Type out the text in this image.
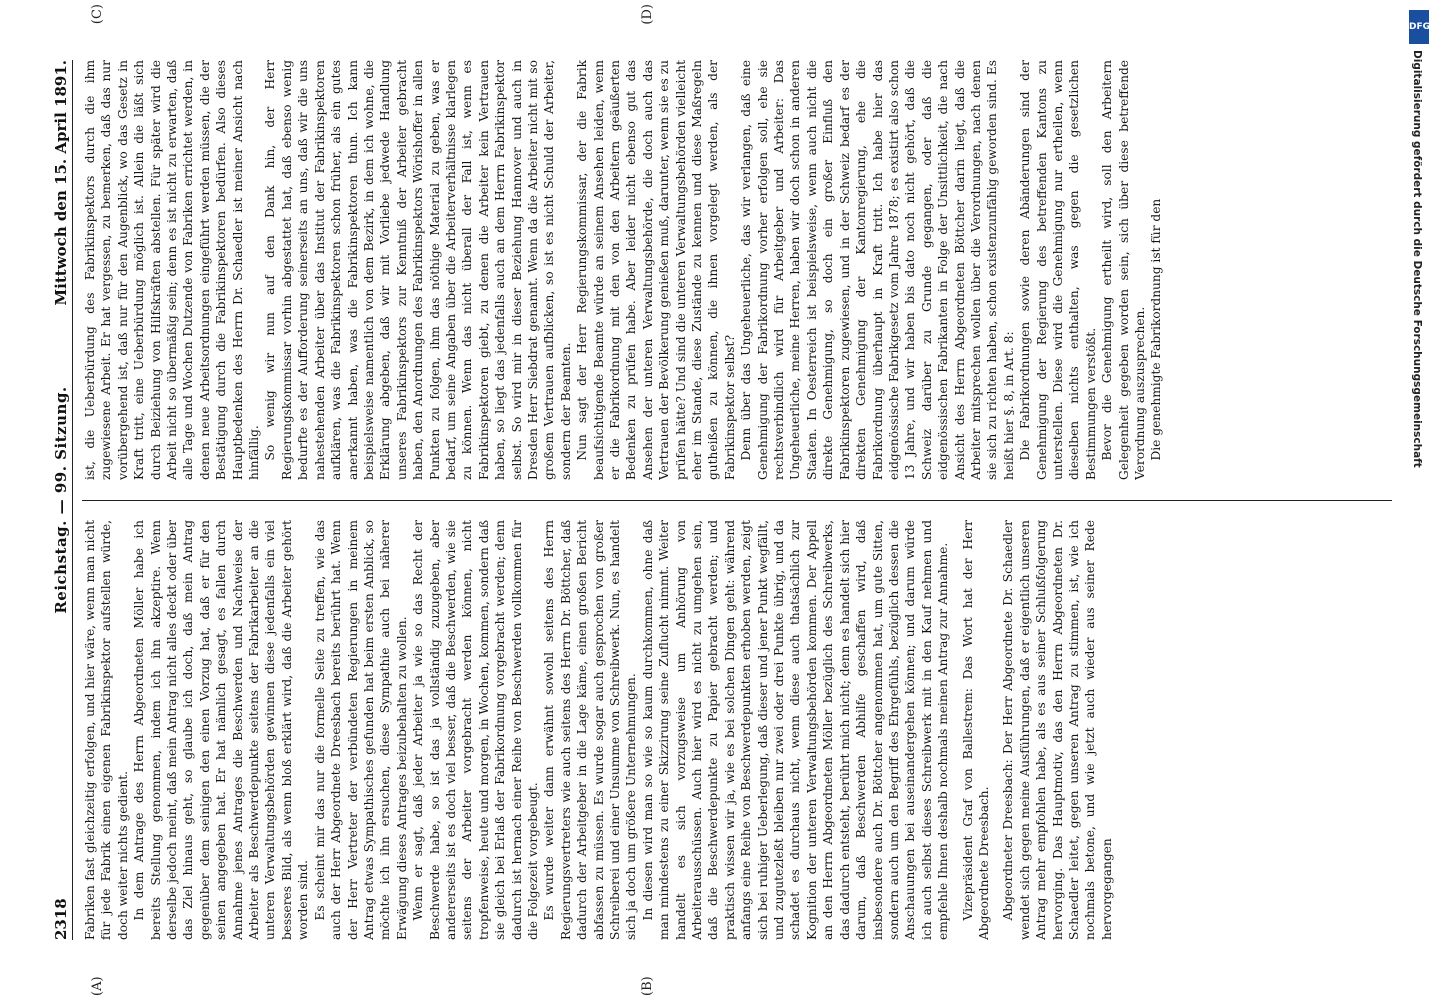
2318
Reichstag. — 99. Sitzung.
Mittwoch den 15. April 1891.
(A)	(B)
(C)	(D)

Fabriken fast gleichzeitig erfolgen, und hier wäre, wenn man nicht für jede Fabrik einen eigenen Fabrikinspektor aufstellen würde, doch weiter nichts gedient. In dem Antrage des Herrn Abgeordneten Möller habe ich bereits Stellung genommen, indem ich ihn akzeptire. Wenn derselbe jedoch meint, daß mein Antrag nicht alles deckt oder über das Ziel hinaus geht, so glaube ich doch, daß mein Antrag gegenüber dem seinigen den einen Vorzug hat, daß er für den seinen angegeben hat. Er hat nämlich gesagt, es fallen durch Annahme jenes Antrages die Beschwerden und Nachweise der Arbeiter als Beschwerdepunkte seitens der Fabrikarbeiter an die unteren Verwaltungsbehörden gewinnen diese jedenfalls ein viel besseres Bild, als wenn bloß erklärt wird, daß die Arbeiter gehört worden sind. Es scheint mir das nur die formelle Seite zu treffen, wie das auch der Herr Abgeordnete Dreesbach bereits berührt hat. Wenn der Herr Vertreter der verbündeten Regierungen in meinem Antrag etwas Sympathisches gefunden hat beim ersten Anblick, so möchte ich ihn ersuchen, diese Sympathie auch bei näherer Erwägung dieses Antrages beizubehalten zu wollen. Wenn er sagt, daß jeder Arbeiter ja wie so das Recht der Beschwerde habe, so ist das ja vollständig zuzugeben, aber andererseits ist es doch viel besser, daß die Beschwerden, wie sie seitens der Arbeiter vorgebracht werden können, nicht tropfenweise, heute und morgen, in Wochen, kommen, sondern daß sie gleich bei Erlaß der Fabrikordnung vorgebracht werden; denn dadurch ist hernach einer Reihe von Beschwerden vollkommen für die Folgezeit vorgebeugt. Es wurde weiter dann erwähnt sowohl seitens des Herrn Regierungsvertreters wie auch seitens des Herrn Dr. Böttcher, daß dadurch der Arbeitgeber in die Lage käme, einen großen Bericht abfassen zu müssen. Es wurde sogar auch gesprochen von großer Schreiberei und einer Unsumme von Schreibwerk. Nun, es handelt sich ja doch um größere Unternehmungen. In diesen wird man so wie so kaum durchkommen, ohne daß man mindestens zu einer Skizzirung seine Zuflucht nimmt. Weiter handelt es sich vorzugsweise um Anhörung von Arbeiterausschüssen. Auch hier wird es nicht zu umgehen sein, daß die Beschwerdepunkte zu Papier gebracht werden; und praktisch wissen wir ja, wie es bei solchen Dingen geht: während anfangs eine Reihe von Beschwerdepunkten erhoben werden, zeigt sich bei ruhiger Ueberlegung, daß dieser und jener Punkt wegfällt, und zugutezleßt bleiben nur zwei oder drei Punkte übrig, und da schadet es durchaus nicht, wenn diese auch thatsächlich zur Kognition der unteren Verwaltungsbehörden kommen. Der Appell an den Herrn Abgeordneten Möller bezüglich des Schreibwerks, das dadurch entsteht, berührt mich nicht; denn es handelt sich hier darum, daß Beschwerden Abhilfe geschaffen wird, daß insbesondere auch Dr. Böttcher angenommen hat, um gute Sitten, sondern auch um den Begriff des Ehrgefühls, bezüglich dessen die Anschauungen bei auseinandergehen können; und darum würde ich auch selbst dieses Schreibwerk mit in den Kauf nehmen und empfehle Ihnen deshalb nochmals meinen Antrag zur Annahme. Vizepräsident Graf von Ballestrem: Das Wort hat der Herr Abgeordnete Dreesbach. Abgeordneter Dreesbach: Der Herr Abgeordnete Dr. Schaedler wendet sich gegen meine Ausführungen, daß er eigentlich unseren Antrag mehr empfohlen habe, als es aus seiner Schlußfolgerung hervorging. Das Hauptmotiv, das den Herrn Abgeordneten Dr. Schaedler leitet, gegen unseren Antrag zu stimmen, ist, wie ich nochmals betone, und wie jetzt auch wieder aus seiner Rede hervorgegangen

ist, die Ueberbürdung des Fabrikinspektors durch die ihm zugewiesene Arbeit. Er hat vergessen, zu bemerken, daß das nur vorübergehend ist, daß nur für den Augenblick, wo das Gesetz in Kraft tritt, eine Ueberbürdung möglich ist. Allein die läßt sich durch Beiziehung von Hilfskräften abstellen. Für später wird die Arbeit nicht so übermäßig sein; denn es ist nicht zu erwarten, daß alle Tage und Wochen Dutzende von Fabriken errichtet werden, in denen neue Arbeitsordnungen eingeführt werden müssen, die der Bestätigung durch die Fabrikinspektoren bedürfen. Also dieses Hauptbedenken des Herrn Dr. Schaedler ist meiner Ansicht nach hinfällig. So wenig wir nun auf den Dank hin, der Herr Regierungskommissar vorhin abgestattet hat, daß ebenso wenig bedurfte es der Aufforderung seinerseits an uns, daß wir die uns nahestehenden Arbeiter über das Institut der Fabrikinspektoren aufklären, was die Fabrikinspektoren schon früher, als ein gutes anerkannt haben, was die Fabrikinspektoren thun. Ich kann beispielsweise namentlich von dem Bezirk, in dem ich wohne, die Erklärung abgeben, daß wir mit Vorliebe jedwede Handlung unseres Fabrikinspektors zur Kenntniß der Arbeiter gebracht haben, den Anordnungen des Fabrikinspektors Wörishoffer in allen Punkten zu folgen, ihm das nöthige Material zu geben, was er bedarf, um seine Angaben über die Arbeiterverhältnisse klarlegen zu können. Wenn das nicht überall der Fall ist, wenn es Fabrikinspektoren giebt, zu denen die Arbeiter kein Vertrauen haben, so liegt das jedenfalls auch an dem Herrn Fabrikinspektor selbst. So wird mir in dieser Beziehung Hannover und auch in Dresden Herr Siebdrat genannt. Wenn da die Arbeiter nicht mit so großem Vertrauen aufblicken, so ist es nicht Schuld der Arbeiter, sondern der Beamten. Nun sagt der Herr Regierungskommissar, der die Fabrik beaufsichtigende Beamte würde an seinem Ansehen leiden, wenn er die Fabrikordnung mit den von den Arbeitern geäußerten Bedenken zu prüfen habe. Aber leider nicht ebenso gut das Ansehen der unteren Verwaltungsbehörde, die doch auch das Vertrauen der Bevölkerung genießen muß, darunter, wenn sie es zu prüfen hätte? Und sind die unteren Verwaltungsbehörden vielleicht eher im Stande, diese Zustände zu kennen und diese Maßregeln gutheißen zu können, die ihnen vorgelegt werden, als der Fabrikinspektor selbst? Denn über das Ungeheuerliche, das wir verlangen, daß eine Genehmigung der Fabrikordnung vorher erfolgen soll, ehe sie rechtsverbindlich wird für Arbeitgeber und Arbeiter: Das Ungeheuerliche, meine Herren, haben wir doch schon in anderen Staaten. In Oesterreich ist beispielsweise, wenn auch nicht die direkte Genehmigung, so doch ein großer Einfluß den Fabrikinspektoren zugewiesen, und in der Schweiz bedarf es der direkten Genehmigung der Kantonregierung, ehe die Fabrikordnung überhaupt in Kraft tritt. Ich habe hier das eidgenössische Fabrikgesetz vom Jahre 1878; es existirt also schon 13 Jahre, und wir haben bis dato noch nicht gehört, daß die Schweiz darüber zu Grunde gegangen, oder daß die eidgenössischen Fabrikanten in Folge der Unsittlichkeit, die nach Ansicht des Herrn Abgeordneten Böttcher darin liegt, daß die Arbeiter mitsprechen wollen über die Verordnungen, nach denen sie sich zu richten haben, schon existenzunfähig geworden sind. Es heißt hier §. 8, in Art. 8: Die Fabrikordnungen sowie deren Abänderungen sind der Genehmigung der Regierung des betreffenden Kantons zu unterstellen. Diese wird die Genehmigung nur ertheilen, wenn dieselben nichts enthalten, was gegen die gesetzlichen Bestimmungen verstößt. Bevor die Genehmigung ertheilt wird, soll den Arbeitern Gelegenheit gegeben worden sein, sich über diese betreffende Verordnung auszusprechen. Die genehmigte Fabrikordnung ist für den

DFG
Digitalisierung gefördert durch die Deutsche Forschungsgemeinschaft
